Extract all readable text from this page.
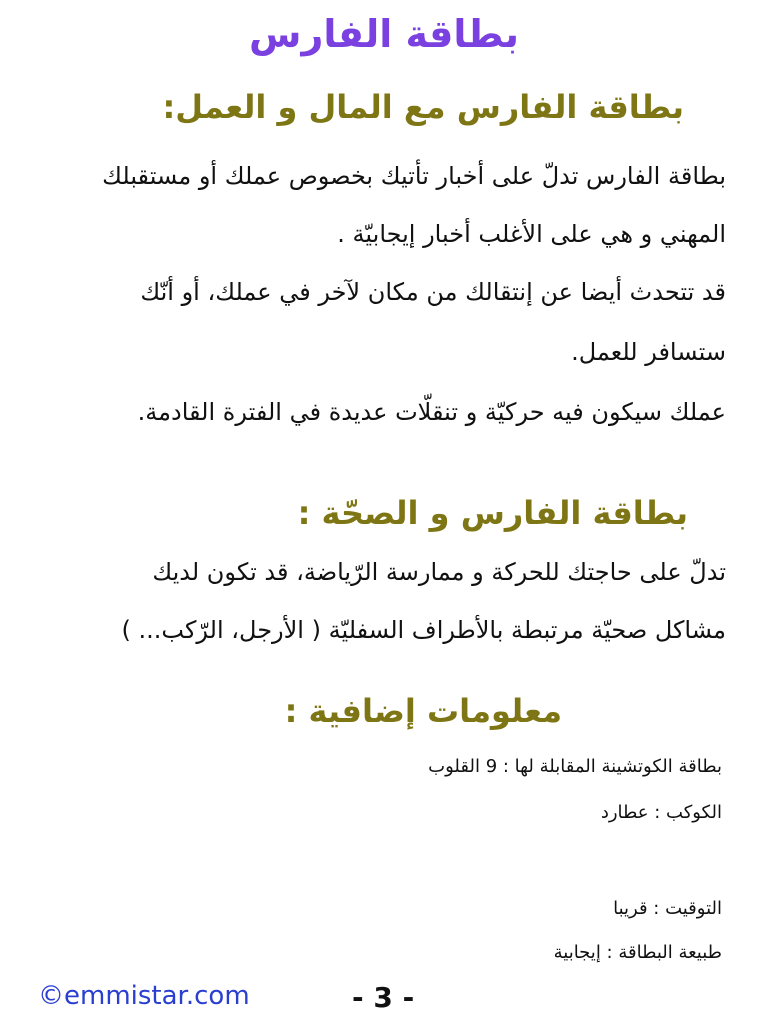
بطاقة الفارس
بطاقة الفارس مع المال و العمل:
بطاقة الفارس تدلّ على أخبار تأتيك بخصوص عملك أو مستقبلك
المهني و هي على الأغلب أخبار إيجابيّة .
قد تتحدث أيضا عن إنتقالك من مكان لآخر في عملك، أو أنّك
ستسافر للعمل.
عملك سيكون فيه حركيّة و تنقلّات عديدة في الفترة القادمة.
بطاقة الفارس و الصحّة :
تدلّ على حاجتك للحركة و ممارسة الرّياضة، قد تكون لديك
مشاكل صحيّة مرتبطة بالأطراف السفليّة ( الأرجل، الرّكب... )
معلومات إضافية :
بطاقة الكوتشينة المقابلة لها : 9 القلوب
الكوكب : عطارد
التوقيت : قريبا
طبيعة البطاقة : إيجابية
©emmistar.com	- 3 -
